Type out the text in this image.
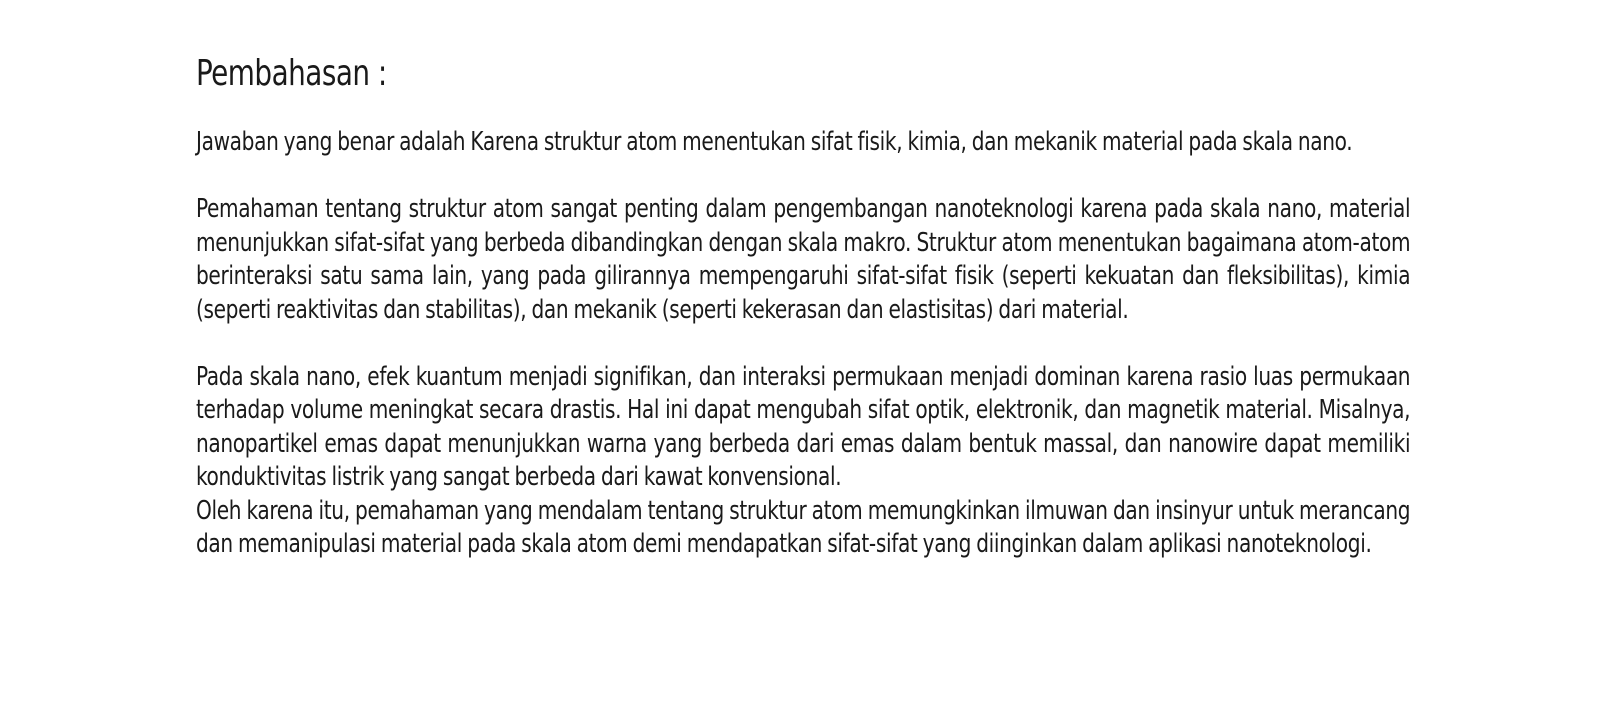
Pembahasan :

Jawaban yang benar adalah Karena struktur atom menentukan sifat fisik, kimia, dan mekanik material pada skala nano.

Pemahaman tentang struktur atom sangat penting dalam pengembangan nanoteknologi karena pada skala nano, material menunjukkan sifat-sifat yang berbeda dibandingkan dengan skala makro. Struktur atom menentukan bagaimana atom-atom berinteraksi satu sama lain, yang pada gilirannya mempengaruhi sifat-sifat fisik (seperti kekuatan dan fleksibilitas), kimia (seperti reaktivitas dan stabilitas), dan mekanik (seperti kekerasan dan elastisitas) dari material.

Pada skala nano, efek kuantum menjadi signifikan, dan interaksi permukaan menjadi dominan karena rasio luas permukaan terhadap volume meningkat secara drastis. Hal ini dapat mengubah sifat optik, elektronik, dan magnetik material. Misalnya, nanopartikel emas dapat menunjukkan warna yang berbeda dari emas dalam bentuk massal, dan nanowire dapat memiliki konduktivitas listrik yang sangat berbeda dari kawat konvensional.
Oleh karena itu, pemahaman yang mendalam tentang struktur atom memungkinkan ilmuwan dan insinyur untuk merancang dan memanipulasi material pada skala atom demi mendapatkan sifat-sifat yang diinginkan dalam aplikasi nanoteknologi.
